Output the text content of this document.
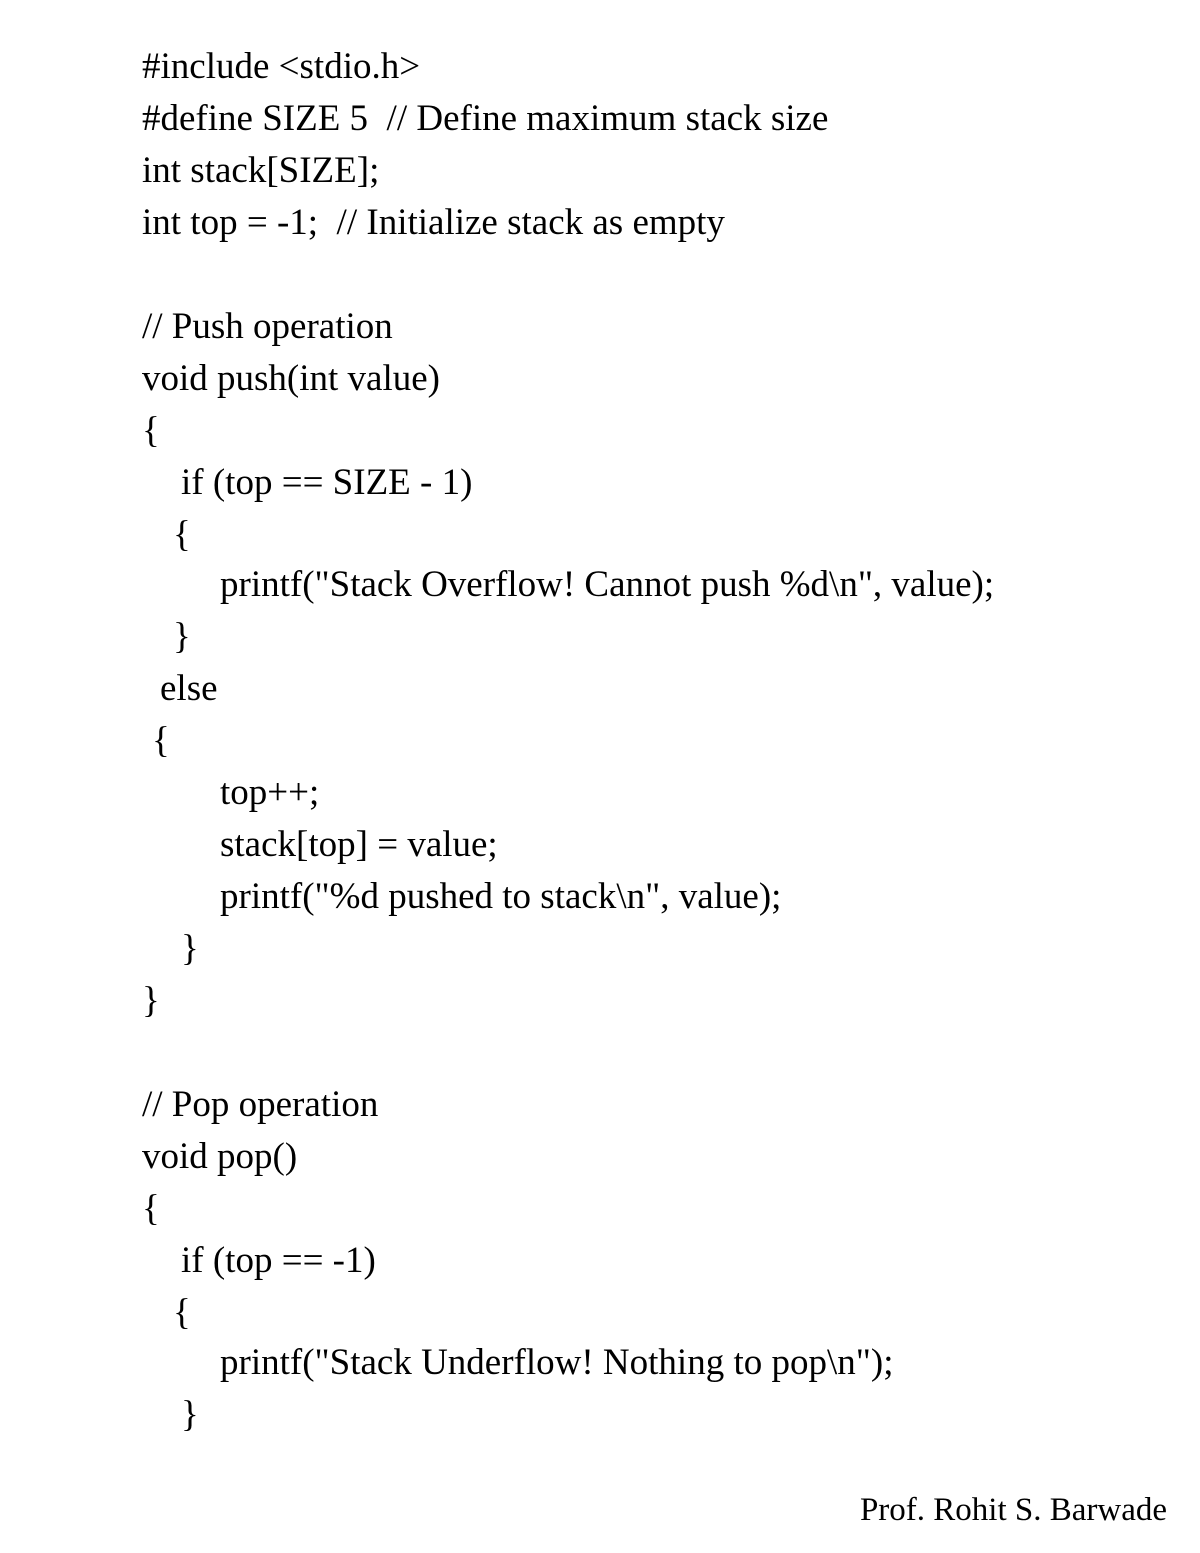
#include <stdio.h>
#define SIZE 5  // Define maximum stack size
int stack[SIZE];
int top = -1;  // Initialize stack as empty
// Push operation
void push(int value)
{
if (top == SIZE - 1)
{
printf("Stack Overflow! Cannot push %d\n", value);
}
else
{
top++;
stack[top] = value;
printf("%d pushed to stack\n", value);
}
}
// Pop operation
void pop()
{
if (top == -1)
{
printf("Stack Underflow! Nothing to pop\n");
}
Prof. Rohit S. Barwade
